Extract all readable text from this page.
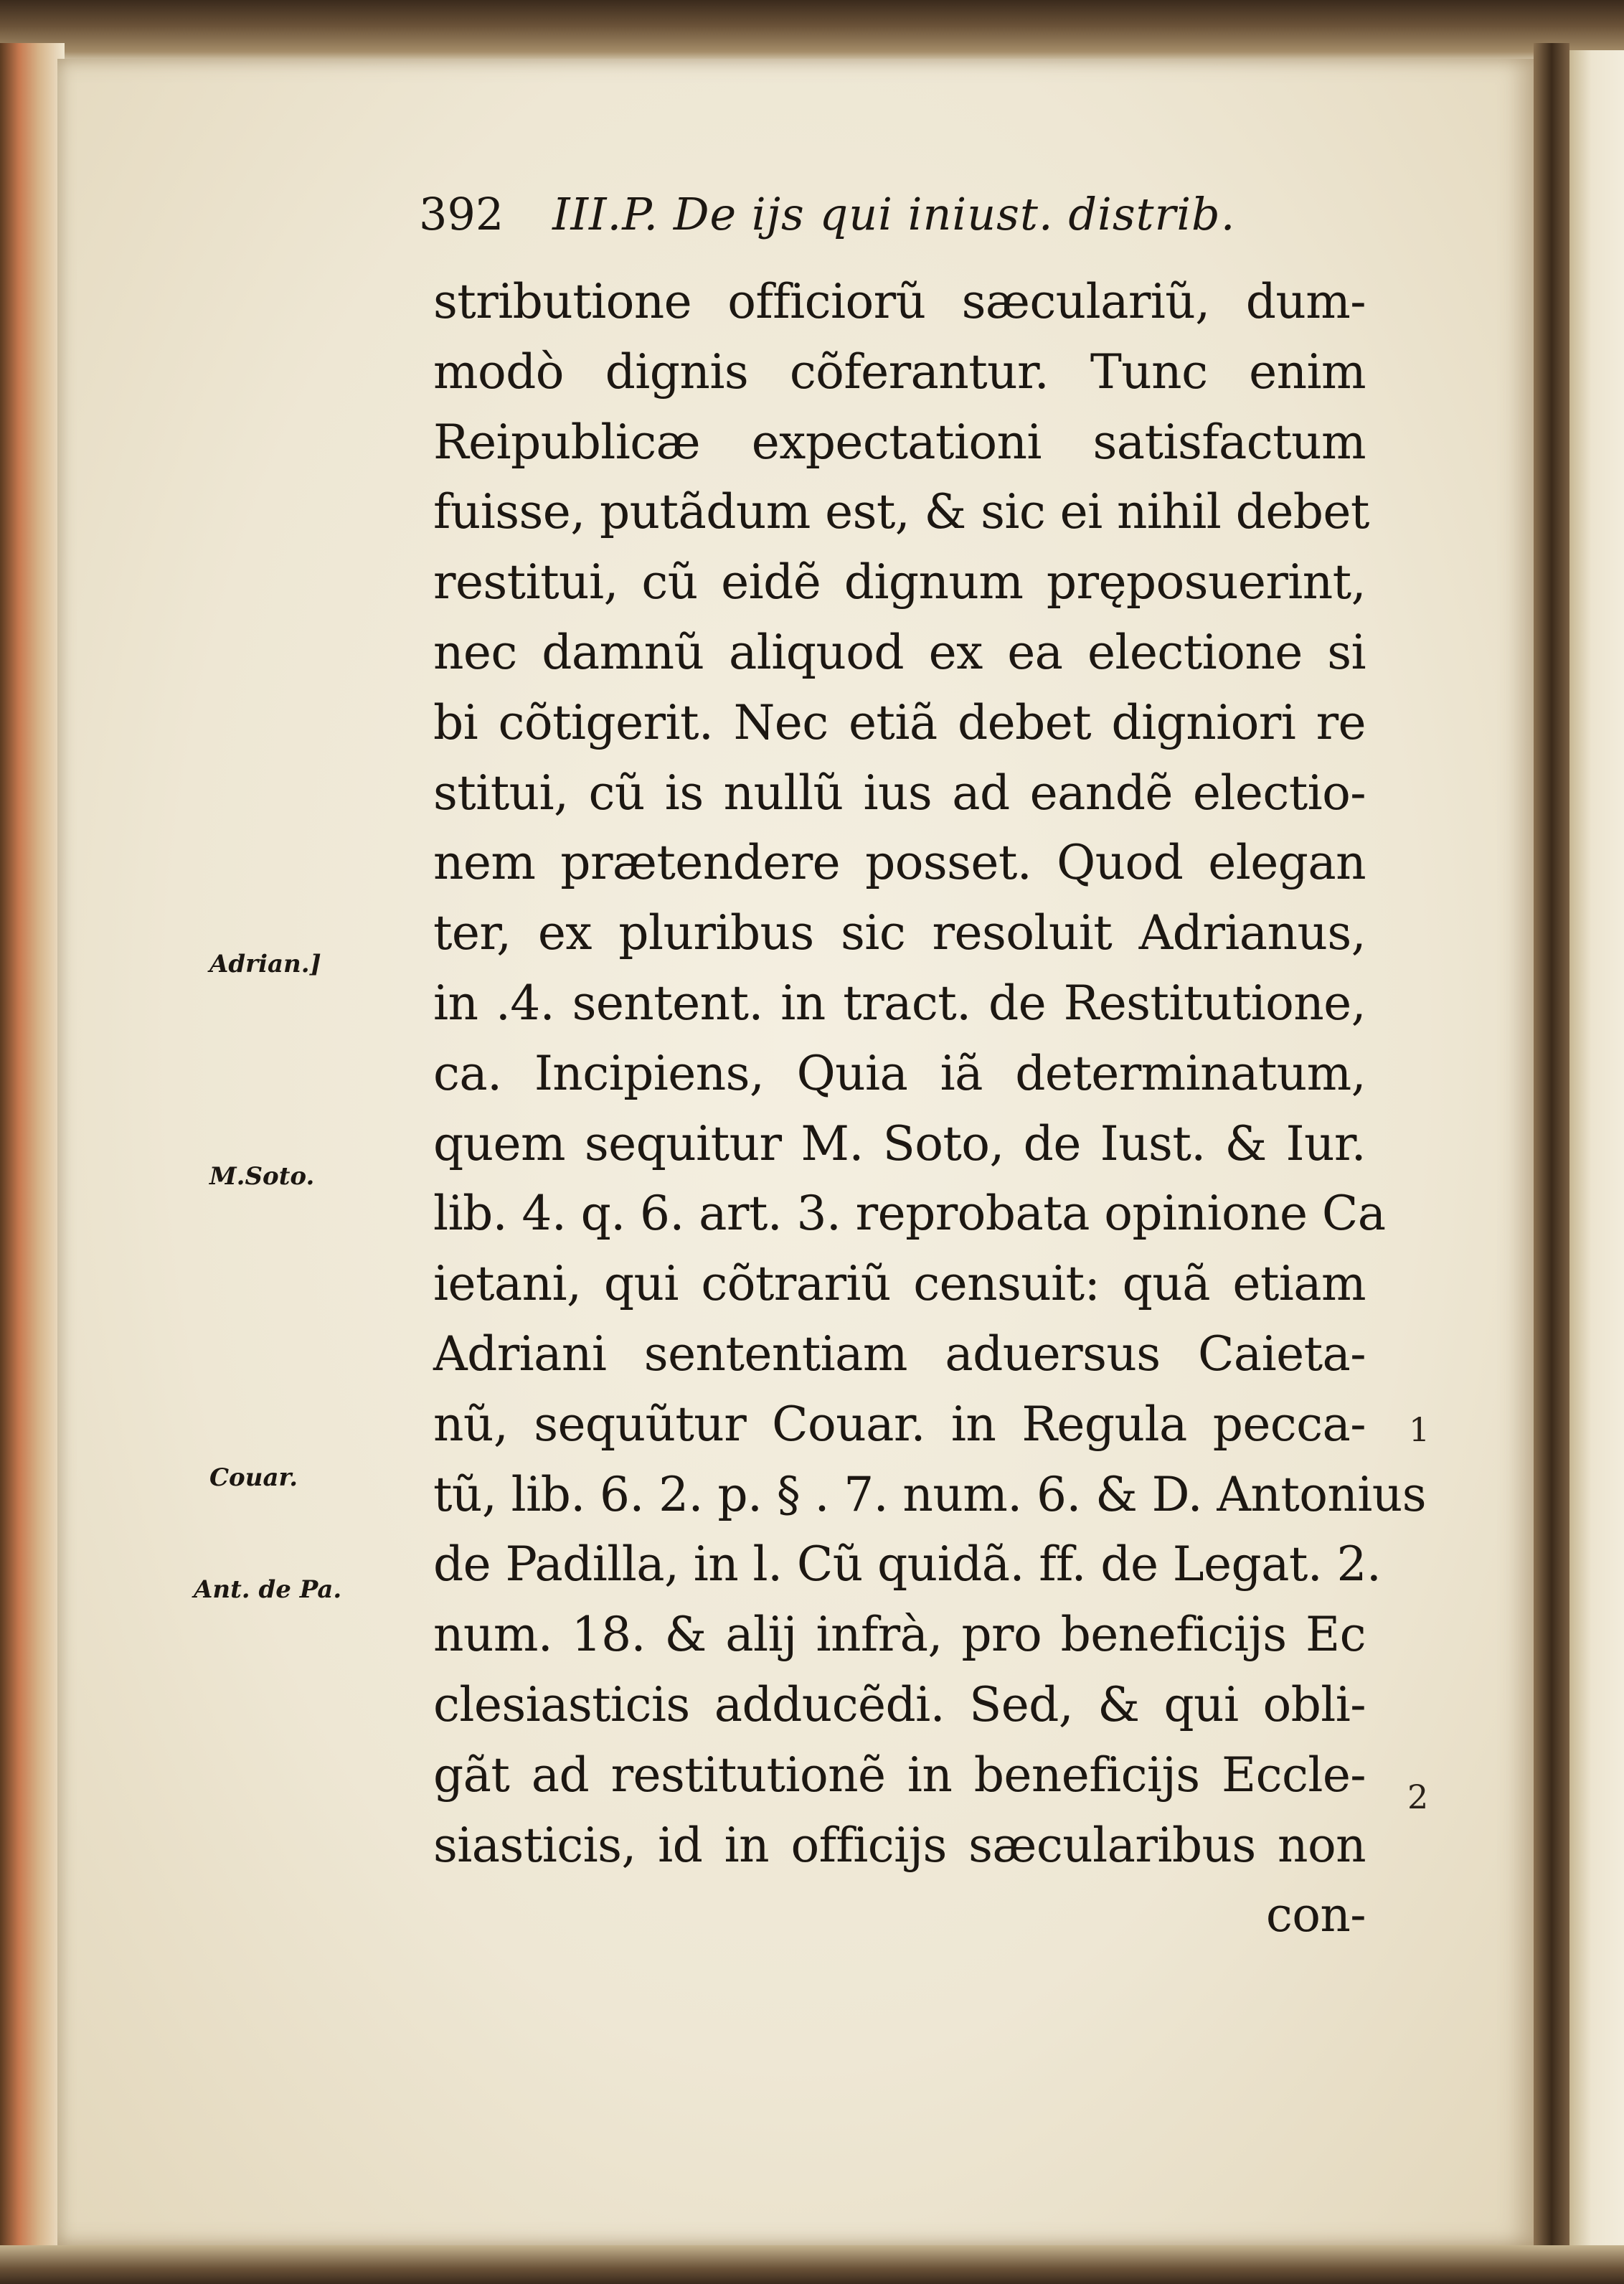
392 III.P. De ijs qui iniust. distrib.
stributione officiorũ sæculariũ, dum-
modò dignis cõferantur. Tunc enim
Reipublicæ expectationi satisfactum
fuisse, putãdum est, & sic ei nihil debet
restitui, cũ eidẽ dignum pręposuerint,
nec damnũ aliquod ex ea electione si
bi cõtigerit. Nec etiã debet digniori re
stitui, cũ is nullũ ius ad eandẽ electio-
nem prætendere posset. Quod elegan
ter, ex pluribus sic resoluit Adrianus,
in .4. sentent. in tract. de Restitutione,
ca. Incipiens, Quia iã determinatum,
quem sequitur M. Soto, de Iust. & Iur.
lib. 4. q. 6. art. 3. reprobata opinione Ca
ietani, qui cõtrariũ censuit: quã etiam
Adriani sententiam aduersus Caieta-
nũ, sequũtur Couar. in Regula pecca-
tũ, lib. 6. 2. p. § . 7. num. 6. & D. Antonius
de Padilla, in l. Cũ quidã. ff. de Legat. 2.
num. 18. & alij infrà, pro beneficijs Ec
clesiasticis adducẽdi. Sed, & qui obli-
gãt ad restitutionẽ in beneficijs Eccle-
siasticis, id in officijs sæcularibus non
con-
Adrian.]
M.Soto.
Couar.
Ant. de Pa.
1
2
